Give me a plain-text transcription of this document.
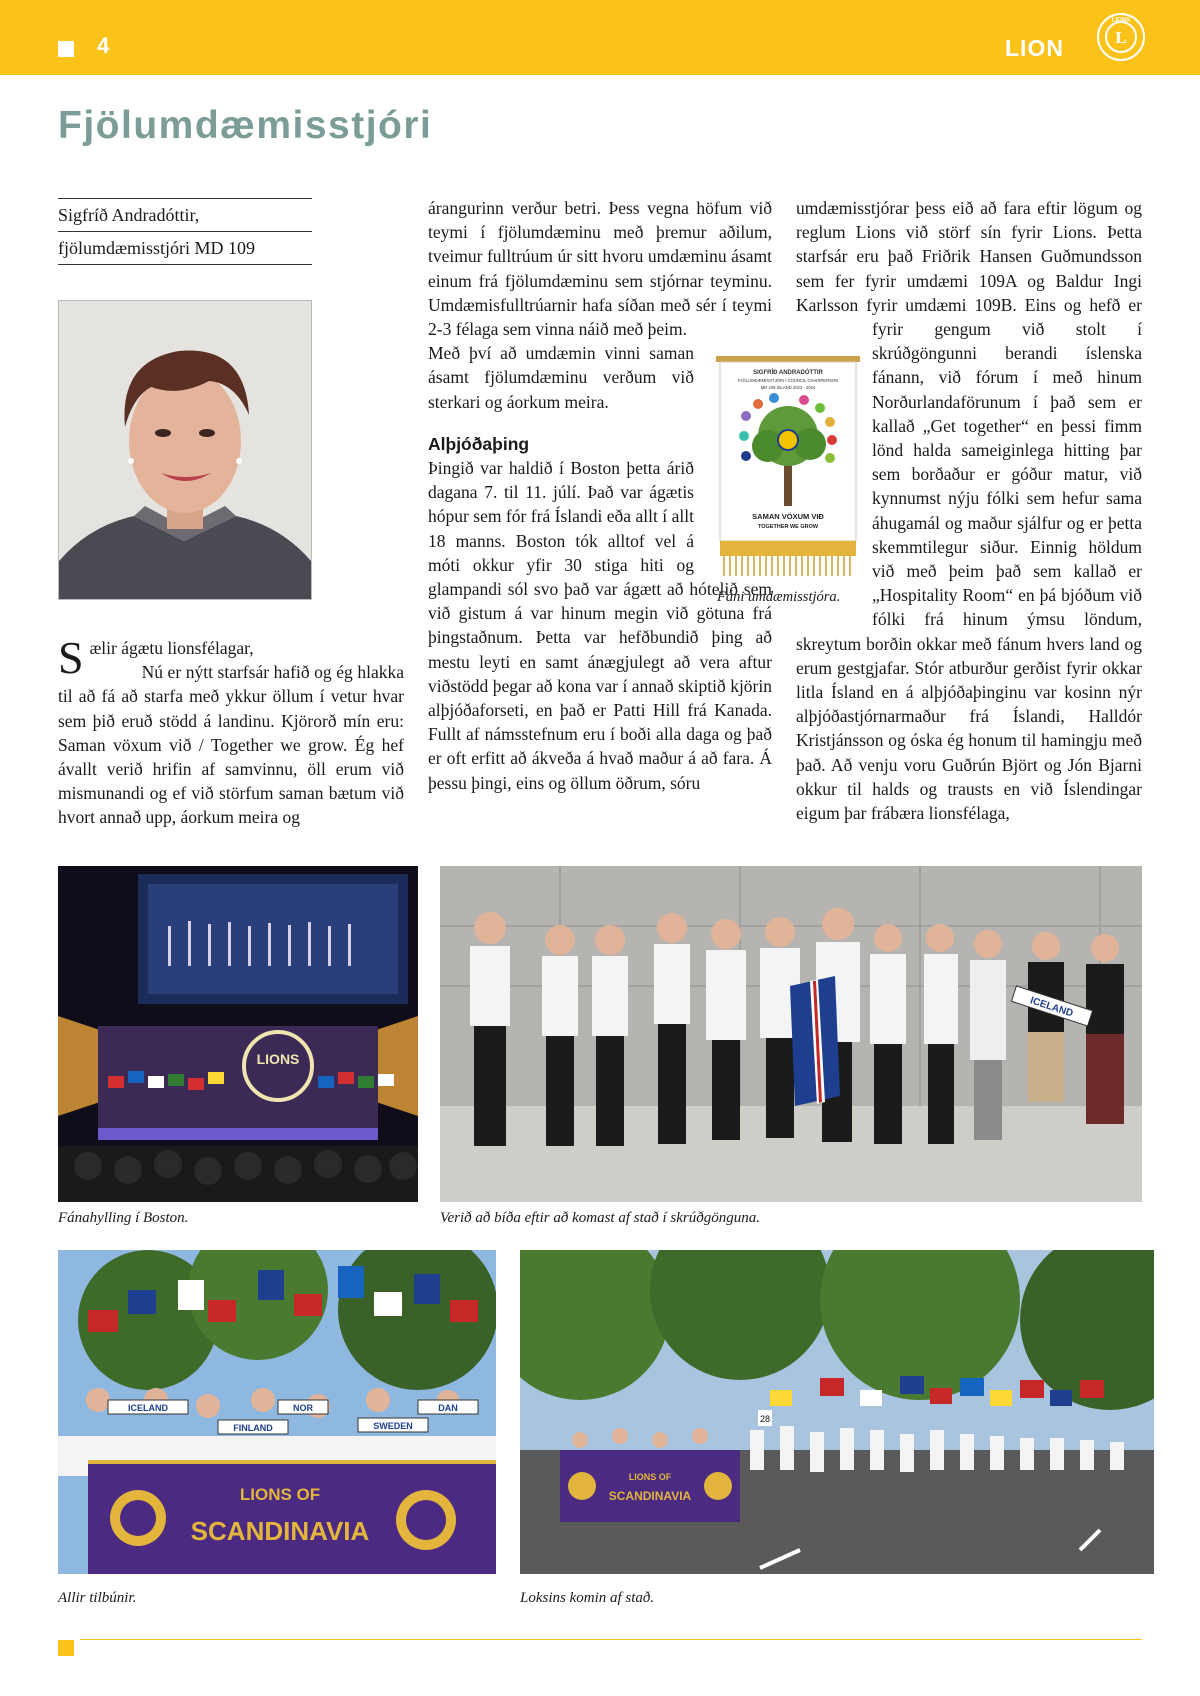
4	LION	L
LIONS
Fjölumdæmisstjóri
Sigfríð Andradóttir,
fjölumdæmisstjóri MD 109

Sælir ágætu lionsfélagar,

Nú er nýtt starfsár hafið og ég hlakka til að fá að starfa með ykkur öllum í vetur hvar sem þið eruð stödd á landinu. Kjörorð mín eru: Saman vöxum við / Together we grow. Ég hef ávallt verið hrifin af samvinnu, öll erum við mismunandi og ef við störfum saman bætum við hvort annað upp, áorkum meira og

árangurinn verður betri. Þess vegna höfum við teymi í fjölumdæminu með þremur aðilum, tveimur fulltrúum úr sitt hvoru umdæminu ásamt einum frá fjölumdæminu sem stjórnar teyminu. Umdæmisfulltrúarnir hafa síðan með sér í teymi 2-3 félaga sem vinna náið með þeim.

Með því að umdæmin vinni saman ásamt fjölumdæminu verðum við sterkari og áorkum meira.

Alþjóðaþing

Þingið var haldið í Boston þetta árið dagana 7. til 11. júlí. Það var ágætis hópur sem fór frá Íslandi eða allt í allt 18 manns. Boston tók alltof vel á móti okkur yfir 30 stiga hiti og glampandi sól svo það var ágætt að hótelið sem við gistum á var hinum megin við götuna frá þingstaðnum. Þetta var hefðbundið þing að mestu leyti en samt ánægjulegt að vera aftur viðstödd þegar að kona var í annað skiptið kjörin alþjóðaforseti, en það er Patti Hill frá Kanada. Fullt af námsstefnum eru í boði alla daga og það er oft erfitt að ákveða á hvað maður á að fara. Á þessu þingi, eins og öllum öðrum, sóru

umdæmisstjórar þess eið að fara eftir lögum og reglum Lions við störf sín fyrir Lions. Þetta starfsár eru það Friðrik Hansen Guðmundsson sem fer fyrir umdæmi 109A og Baldur Ingi Karlsson fyrir umdæmi 109B. Eins og hefð er fyrir gengum við stolt í skrúðgöngunni berandi íslenska fánann, við fórum í með hinum Norðurlandaförunum í það sem er kallað „Get together“ en þessi fimm lönd halda sameiginlega hitting þar sem borðaður er góður matur, við kynnumst nýju fólki sem hefur sama áhugamál og maður sjálfur og er þetta skemmtilegur siður. Einnig höldum við með þeim það sem kallað er „Hospitality Room“ en þá bjóðum við fólki frá hinum ýmsu löndum, skreytum borðin okkar með fánum hvers land og erum gestgjafar. Stór atburður gerðist fyrir okkar litla Ísland en á alþjóðaþinginu var kosinn nýr alþjóðastjórnarmaður frá Íslandi, Halldór Kristjánsson og óska ég honum til hamingju með það. Að venju voru Guðrún Björt og Jón Bjarni okkur til halds og trausts en við Íslendingar eigum þar frábæra lionsfélaga,

SIGFRÍÐ ANDRADÓTTIR
FJÖLUMDÆMISSTJÓRI / COUNCIL CHAIRPERSON
MD 109 ÍSLAND 2023 - 2024
SAMAN VÖXUM VIÐ
TOGETHER WE GROW
Fáni umdæmisstjóra.
LIONS
Fánahylling í Boston.
ICELAND
Verið að bíða eftir að komast af stað í skrúðgönguna.
ICELAND
FINLAND
NOR
SWEDEN
DAN
LIONS OF
SCANDINAVIA
Allir tilbúnir.
28
LIONS OF
SCANDINAVIA
Loksins komin af stað.
